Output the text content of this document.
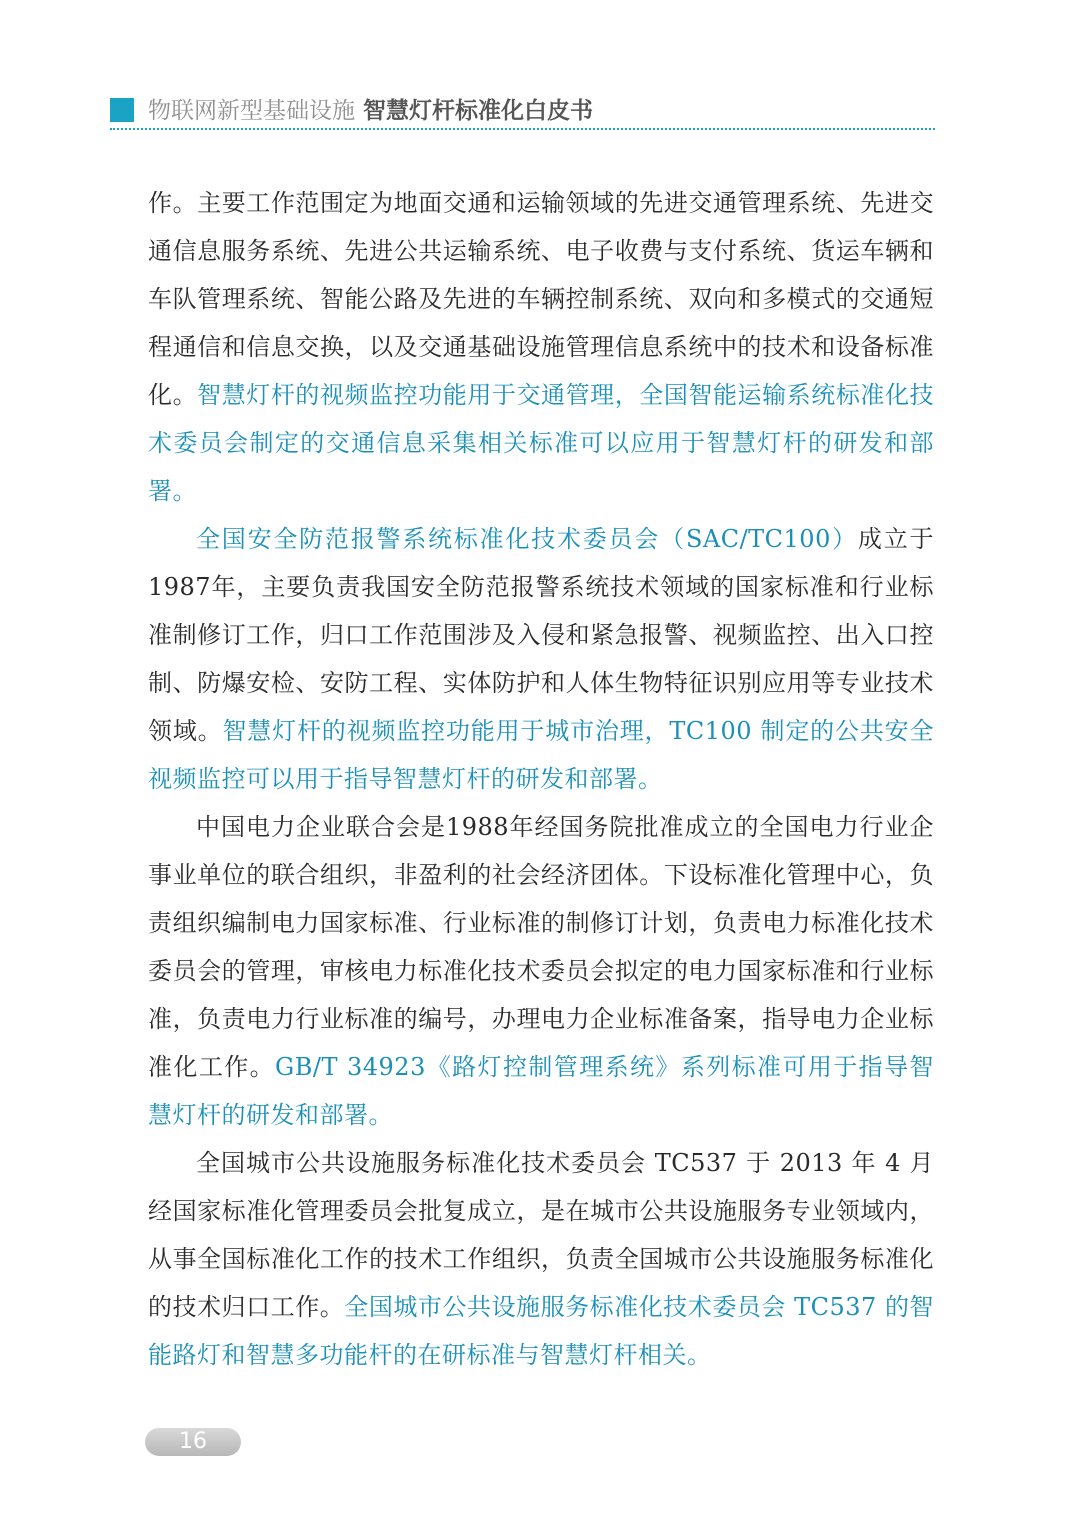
物联网新型基础设施 智慧灯杆标准化白皮书

作。主要工作范围定为地面交通和运输领域的先进交通管理系统、先进交通信息服务系统、先进公共运输系统、电子收费与支付系统、货运车辆和车队管理系统、智能公路及先进的车辆控制系统、双向和多模式的交通短程通信和信息交换，以及交通基础设施管理信息系统中的技术和设备标准化。智慧灯杆的视频监控功能用于交通管理，全国智能运输系统标准化技术委员会制定的交通信息采集相关标准可以应用于智慧灯杆的研发和部署。

全国安全防范报警系统标准化技术委员会（SAC/TC100）成立于1987年，主要负责我国安全防范报警系统技术领域的国家标准和行业标准制修订工作，归口工作范围涉及入侵和紧急报警、视频监控、出入口控制、防爆安检、安防工程、实体防护和人体生物特征识别应用等专业技术领域。智慧灯杆的视频监控功能用于城市治理，TC100 制定的公共安全视频监控可以用于指导智慧灯杆的研发和部署。

中国电力企业联合会是1988年经国务院批准成立的全国电力行业企事业单位的联合组织，非盈利的社会经济团体。下设标准化管理中心，负责组织编制电力国家标准、行业标准的制修订计划，负责电力标准化技术委员会的管理，审核电力标准化技术委员会拟定的电力国家标准和行业标准，负责电力行业标准的编号，办理电力企业标准备案，指导电力企业标准化工作。GB/T 34923《路灯控制管理系统》系列标准可用于指导智慧灯杆的研发和部署。

全国城市公共设施服务标准化技术委员会 TC537 于 2013 年 4 月经国家标准化管理委员会批复成立，是在城市公共设施服务专业领域内，从事全国标准化工作的技术工作组织，负责全国城市公共设施服务标准化的技术归口工作。全国城市公共设施服务标准化技术委员会 TC537 的智能路灯和智慧多功能杆的在研标准与智慧灯杆相关。

16
